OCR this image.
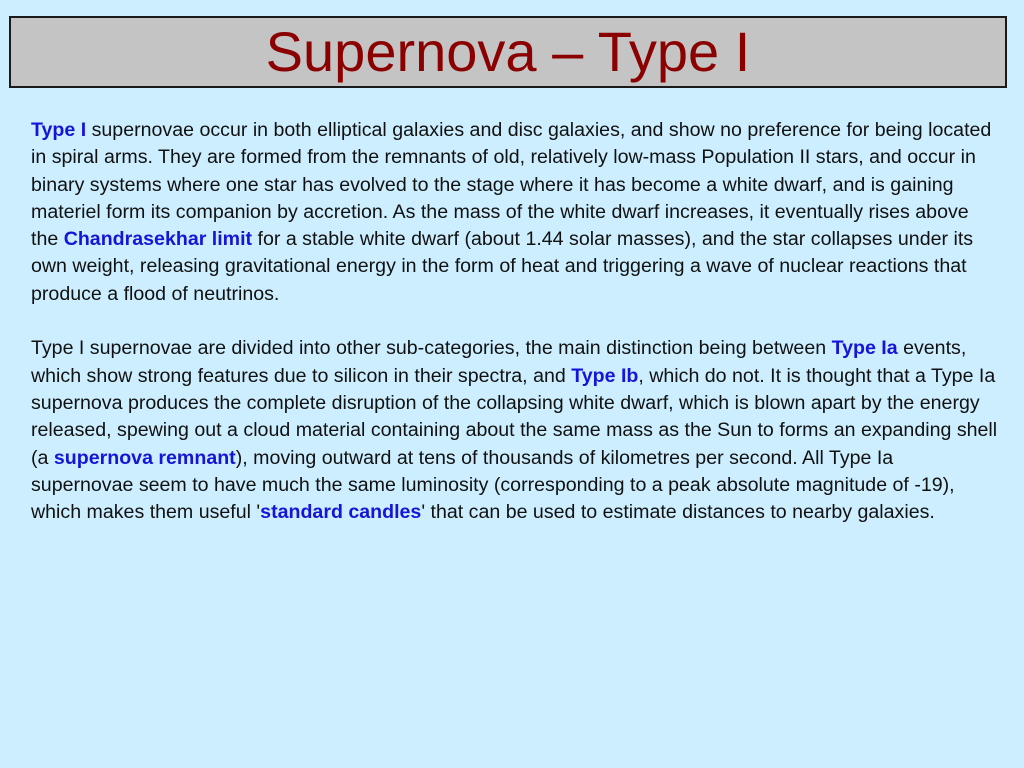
Supernova – Type I

Type I supernovae occur in both elliptical galaxies and disc galaxies, and show no preference for being located in spiral arms. They are formed from the remnants of old, relatively low-mass Population II stars, and occur in binary systems where one star has evolved to the stage where it has become a white dwarf, and is gaining materiel form its companion by accretion. As the mass of the white dwarf increases, it eventually rises above the Chandrasekhar limit for a stable white dwarf (about 1.44 solar masses), and the star collapses under its own weight, releasing gravitational energy in the form of heat and triggering a wave of nuclear reactions that produce a flood of neutrinos.

Type I supernovae are divided into other sub-categories, the main distinction being between Type Ia events, which show strong features due to silicon in their spectra, and Type Ib, which do not. It is thought that a Type Ia supernova produces the complete disruption of the collapsing white dwarf, which is blown apart by the energy released, spewing out a cloud material containing about the same mass as the Sun to forms an expanding shell (a supernova remnant), moving outward at tens of thousands of kilometres per second. All Type Ia supernovae seem to have much the same luminosity (corresponding to a peak absolute magnitude of -19), which makes them useful 'standard candles' that can be used to estimate distances to nearby galaxies.
